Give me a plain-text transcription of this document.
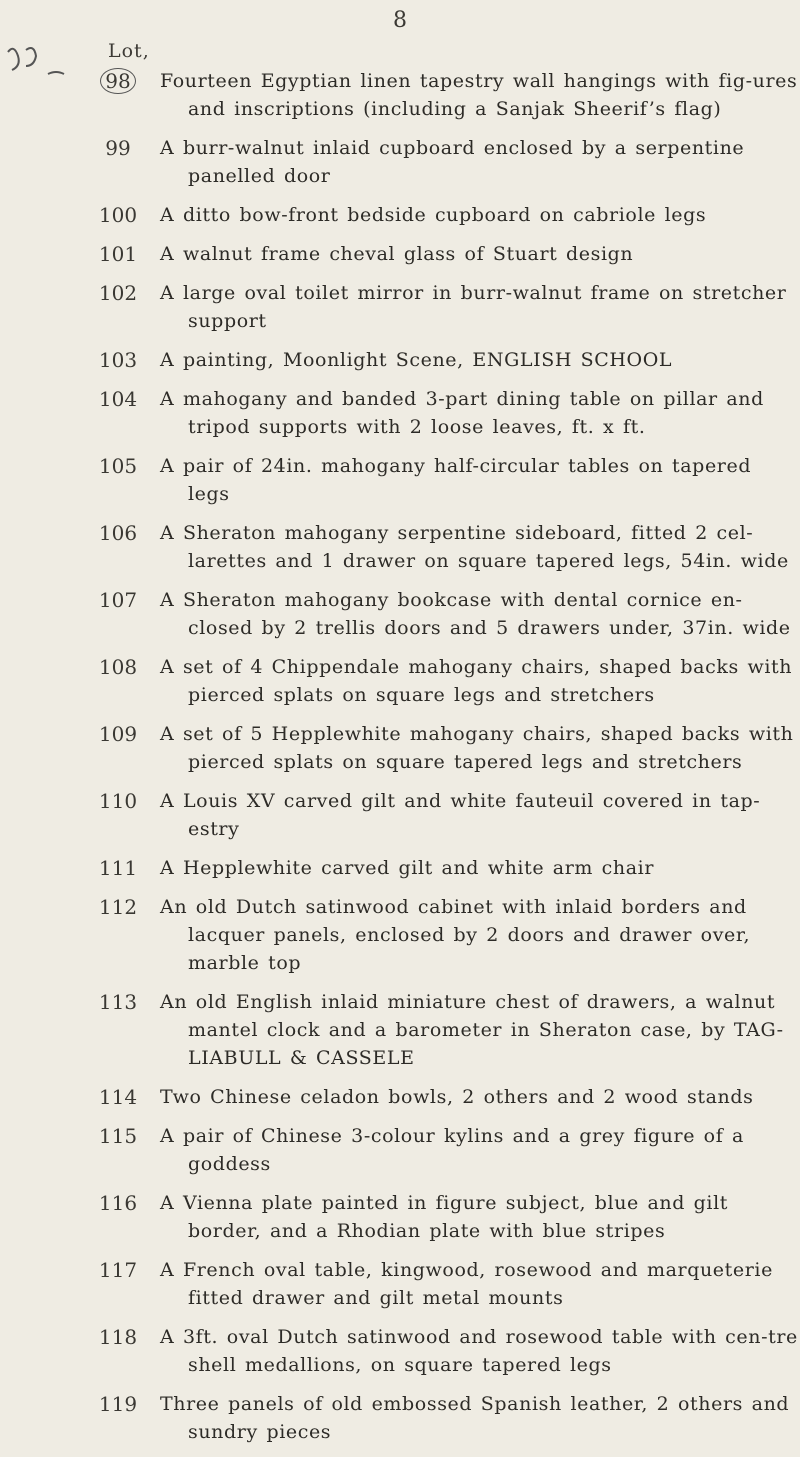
8
Lot,
98	Fourteen Egyptian linen tapestry wall hangings with fig-ures and inscriptions (including a Sanjak Sheerif’s flag)
99	A burr-walnut inlaid cupboard enclosed by a serpentine panelled door
100	A ditto bow-front bedside cupboard on cabriole legs
101	A walnut frame cheval glass of Stuart design
102	A large oval toilet mirror in burr-walnut frame on stretcher support
103	A painting, Moonlight Scene, ENGLISH SCHOOL
104	A mahogany and banded 3-part dining table on pillar and tripod supports with 2 loose leaves, ft. x ft.
105	A pair of 24in. mahogany half-circular tables on tapered legs
106	A Sheraton mahogany serpentine sideboard, fitted 2 cel-larettes and 1 drawer on square tapered legs, 54in. wide
107	A Sheraton mahogany bookcase with dental cornice en-closed by 2 trellis doors and 5 drawers under, 37in. wide
108	A set of 4 Chippendale mahogany chairs, shaped backs with pierced splats on square legs and stretchers
109	A set of 5 Hepplewhite mahogany chairs, shaped backs with pierced splats on square tapered legs and stretchers
110	A Louis XV carved gilt and white fauteuil covered in tap-estry
111	A Hepplewhite carved gilt and white arm chair
112	An old Dutch satinwood cabinet with inlaid borders and lacquer panels, enclosed by 2 doors and drawer over, marble top
113	An old English inlaid miniature chest of drawers, a walnut mantel clock and a barometer in Sheraton case, by TAG-LIABULL & CASSELE
114	Two Chinese celadon bowls, 2 others and 2 wood stands
115	A pair of Chinese 3-colour kylins and a grey figure of a goddess
116	A Vienna plate painted in figure subject, blue and gilt border, and a Rhodian plate with blue stripes
117	A French oval table, kingwood, rosewood and marqueterie fitted drawer and gilt metal mounts
118	A 3ft. oval Dutch satinwood and rosewood table with cen-tre shell medallions, on square tapered legs
119	Three panels of old embossed Spanish leather, 2 others and sundry pieces
